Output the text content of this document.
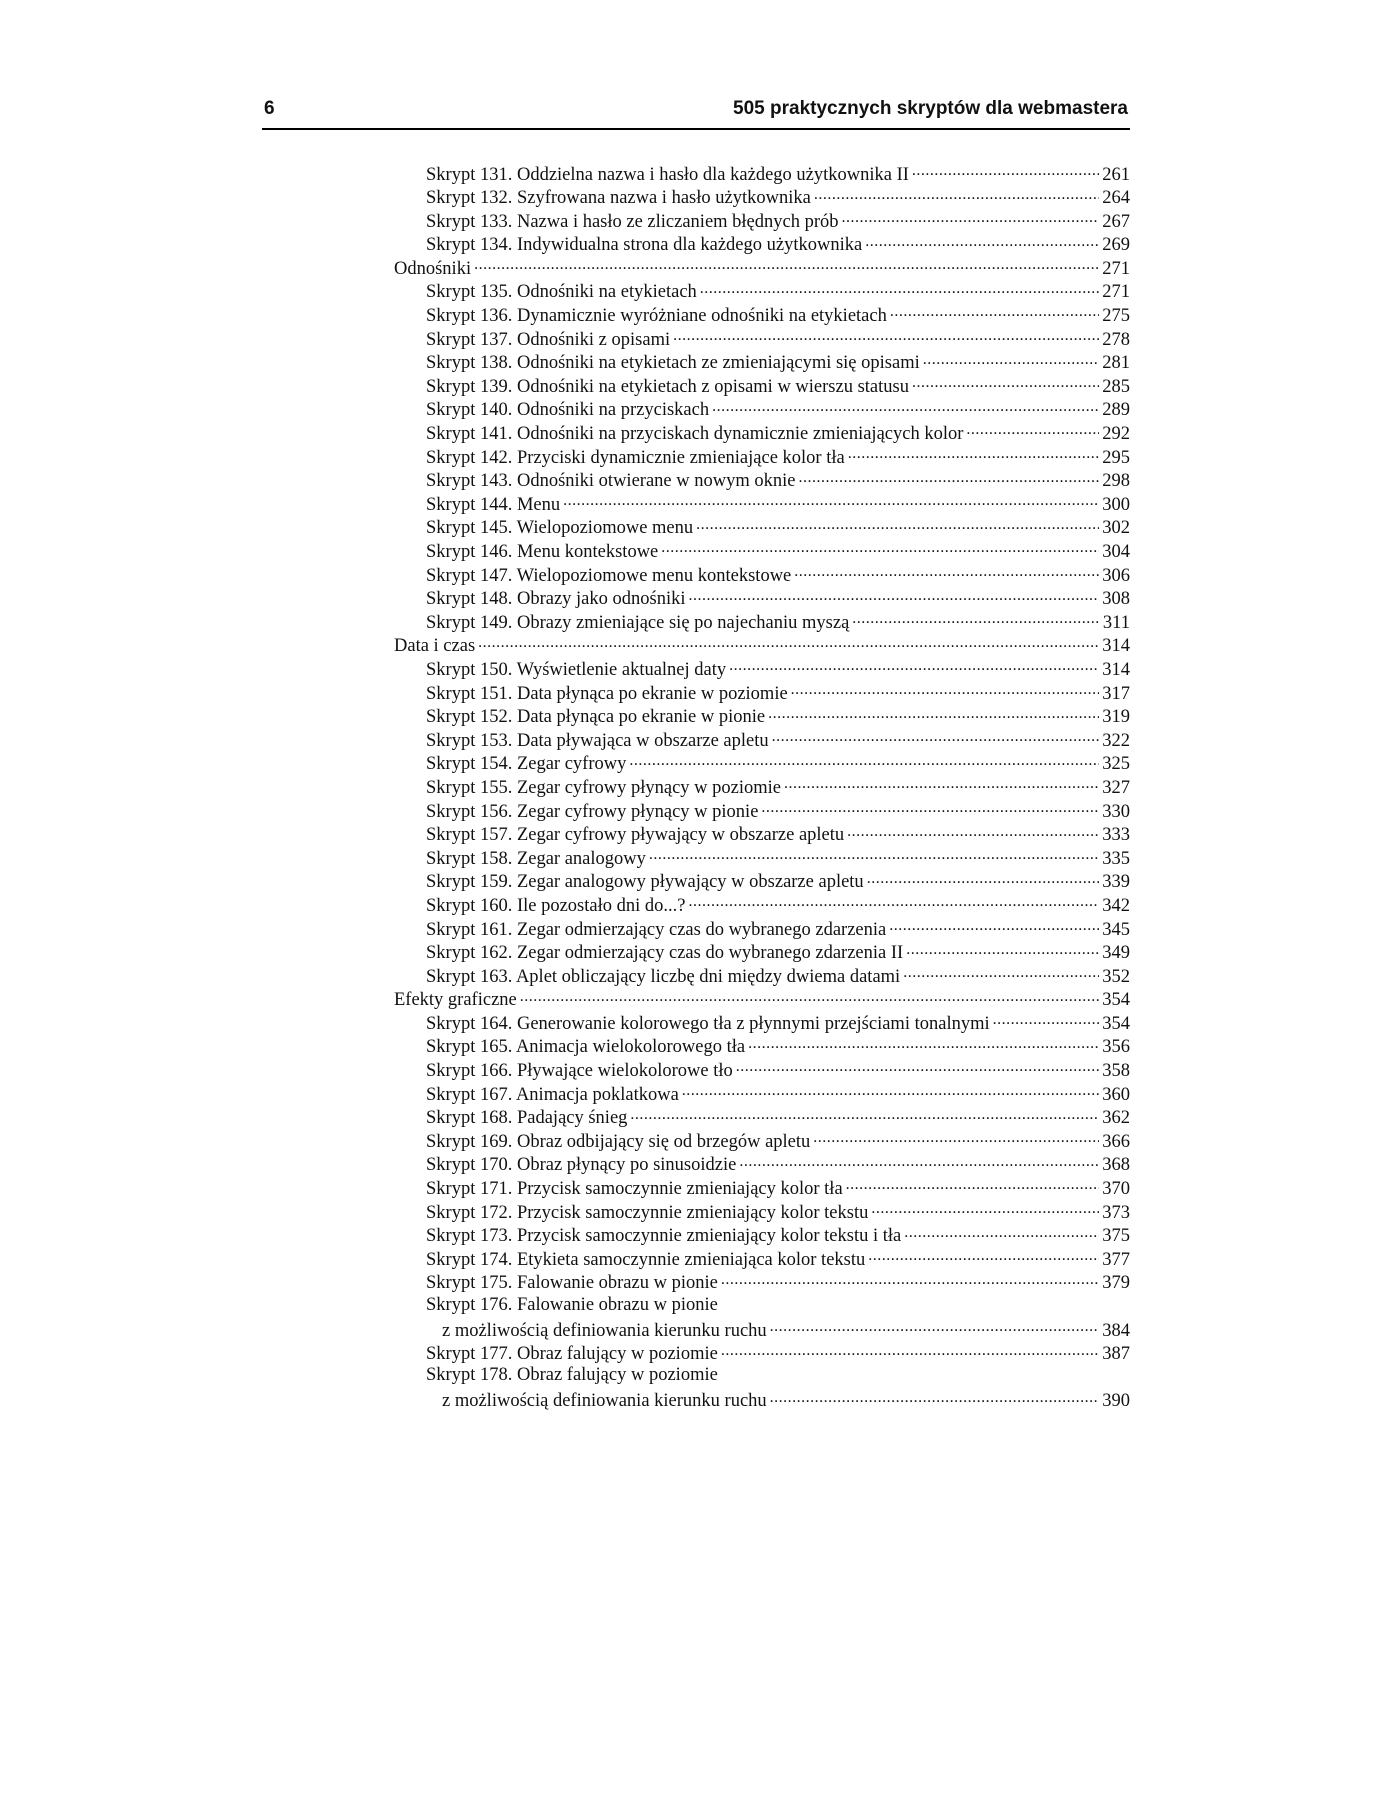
6	505 praktycznych skryptów dla webmastera
Skrypt 131. Oddzielna nazwa i hasło dla każdego użytkownika II .....	261
Skrypt 132. Szyfrowana nazwa i hasło użytkownika .....	264
Skrypt 133. Nazwa i hasło ze zliczaniem błędnych prób .....	267
Skrypt 134. Indywidualna strona dla każdego użytkownika .....	269
Odnośniki .....	271
Skrypt 135. Odnośniki na etykietach .....	271
Skrypt 136. Dynamicznie wyróżniane odnośniki na etykietach .....	275
Skrypt 137. Odnośniki z opisami .....	278
Skrypt 138. Odnośniki na etykietach ze zmieniającymi się opisami .....	281
Skrypt 139. Odnośniki na etykietach z opisami w wierszu statusu .....	285
Skrypt 140. Odnośniki na przyciskach .....	289
Skrypt 141. Odnośniki na przyciskach dynamicznie zmieniających kolor .....	292
Skrypt 142. Przyciski dynamicznie zmieniające kolor tła .....	295
Skrypt 143. Odnośniki otwierane w nowym oknie .....	298
Skrypt 144. Menu .....	300
Skrypt 145. Wielopoziomowe menu .....	302
Skrypt 146. Menu kontekstowe .....	304
Skrypt 147. Wielopoziomowe menu kontekstowe .....	306
Skrypt 148. Obrazy jako odnośniki .....	308
Skrypt 149. Obrazy zmieniające się po najechaniu myszą .....	311
Data i czas .....	314
Skrypt 150. Wyświetlenie aktualnej daty .....	314
Skrypt 151. Data płynąca po ekranie w poziomie .....	317
Skrypt 152. Data płynąca po ekranie w pionie .....	319
Skrypt 153. Data pływająca w obszarze apletu .....	322
Skrypt 154. Zegar cyfrowy .....	325
Skrypt 155. Zegar cyfrowy płynący w poziomie .....	327
Skrypt 156. Zegar cyfrowy płynący w pionie .....	330
Skrypt 157. Zegar cyfrowy pływający w obszarze apletu .....	333
Skrypt 158. Zegar analogowy .....	335
Skrypt 159. Zegar analogowy pływający w obszarze apletu .....	339
Skrypt 160. Ile pozostało dni do...? .....	342
Skrypt 161. Zegar odmierzający czas do wybranego zdarzenia .....	345
Skrypt 162. Zegar odmierzający czas do wybranego zdarzenia II .....	349
Skrypt 163. Aplet obliczający liczbę dni między dwiema datami .....	352
Efekty graficzne .....	354
Skrypt 164. Generowanie kolorowego tła z płynnymi przejściami tonalnymi .....	354
Skrypt 165. Animacja wielokolorowego tła .....	356
Skrypt 166. Pływające wielokolorowe tło .....	358
Skrypt 167. Animacja poklatkowa .....	360
Skrypt 168. Padający śnieg .....	362
Skrypt 169. Obraz odbijający się od brzegów apletu .....	366
Skrypt 170. Obraz płynący po sinusoidzie .....	368
Skrypt 171. Przycisk samoczynnie zmieniający kolor tła .....	370
Skrypt 172. Przycisk samoczynnie zmieniający kolor tekstu .....	373
Skrypt 173. Przycisk samoczynnie zmieniający kolor tekstu i tła .....	375
Skrypt 174. Etykieta samoczynnie zmieniająca kolor tekstu .....	377
Skrypt 175. Falowanie obrazu w pionie .....	379
Skrypt 176. Falowanie obrazu w pionie
z możliwością definiowania kierunku ruchu .....	384
Skrypt 177. Obraz falujący w poziomie .....	387
Skrypt 178. Obraz falujący w poziomie
z możliwością definiowania kierunku ruchu .....	390
